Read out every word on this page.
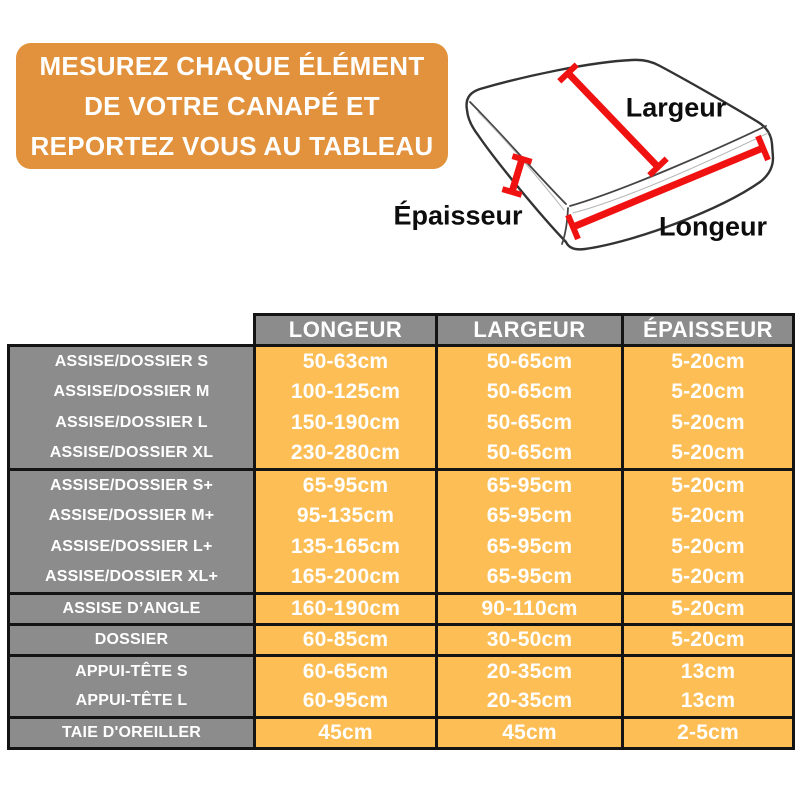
MESUREZ CHAQUE ÉLÉMENT
DE VOTRE CANAPÉ ET
REPORTEZ VOUS AU TABLEAU
Largeur
Épaisseur	Longeur
	LONGEUR	LARGEUR	ÉPAISSEUR
ASSISE/DOSSIER S	50-63cm	50-65cm	5-20cm
ASSISE/DOSSIER M	100-125cm	50-65cm	5-20cm
ASSISE/DOSSIER L	150-190cm	50-65cm	5-20cm
ASSISE/DOSSIER XL	230-280cm	50-65cm	5-20cm
ASSISE/DOSSIER S+	65-95cm	65-95cm	5-20cm
ASSISE/DOSSIER M+	95-135cm	65-95cm	5-20cm
ASSISE/DOSSIER L+	135-165cm	65-95cm	5-20cm
ASSISE/DOSSIER XL+	165-200cm	65-95cm	5-20cm
ASSISE D’ANGLE	160-190cm	90-110cm	5-20cm
DOSSIER	60-85cm	30-50cm	5-20cm
APPUI-TÊTE S	60-65cm	20-35cm	13cm
APPUI-TÊTE L	60-95cm	20-35cm	13cm
TAIE D'OREILLER	45cm	45cm	2-5cm
